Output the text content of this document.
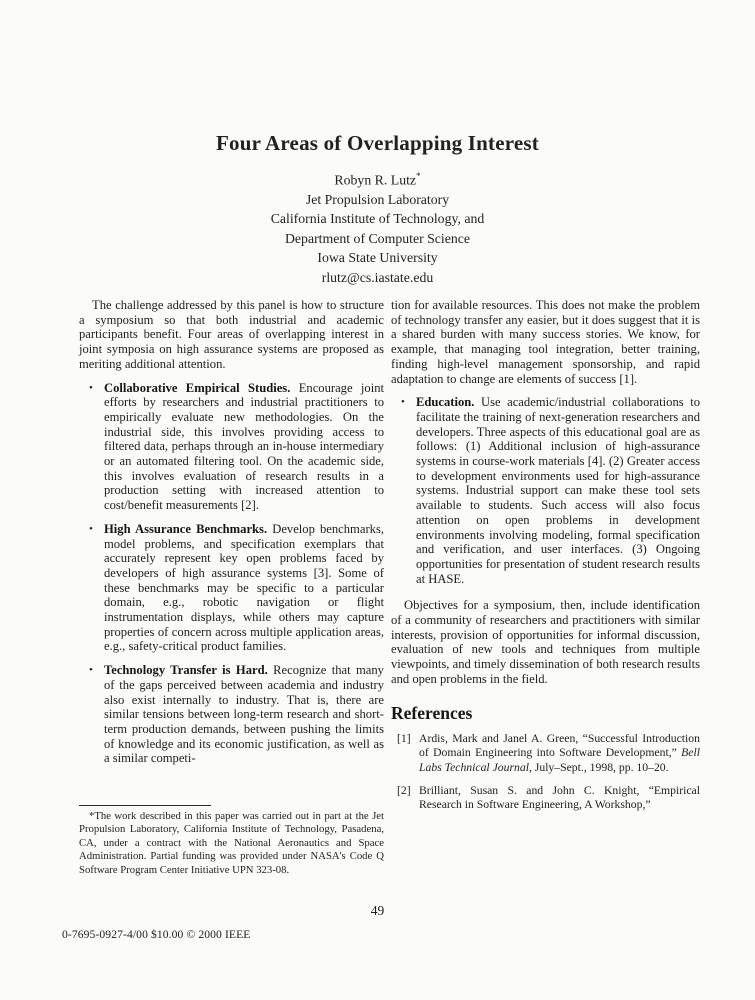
Four Areas of Overlapping Interest
Robyn R. Lutz*
Jet Propulsion Laboratory
California Institute of Technology, and
Department of Computer Science
Iowa State University
rlutz@cs.iastate.edu

The challenge addressed by this panel is how to structure a symposium so that both industrial and academic participants benefit. Four areas of overlapping interest in joint symposia on high assurance systems are proposed as meriting additional attention.

• Collaborative Empirical Studies. Encourage joint efforts by researchers and industrial practitioners to empirically evaluate new methodologies. On the industrial side, this involves providing access to filtered data, perhaps through an in-house intermediary or an automated filtering tool. On the academic side, this involves evaluation of research results in a production setting with increased attention to cost/benefit measurements [2].
• High Assurance Benchmarks. Develop benchmarks, model problems, and specification exemplars that accurately represent key open problems faced by developers of high assurance systems [3]. Some of these benchmarks may be specific to a particular domain, e.g., robotic navigation or flight instrumentation displays, while others may capture properties of concern across multiple application areas, e.g., safety-critical product families.
• Technology Transfer is Hard. Recognize that many of the gaps perceived between academia and industry also exist internally to industry. That is, there are similar tensions between long-term research and short-term production demands, between pushing the limits of knowledge and its economic justification, as well as a similar competi-

*The work described in this paper was carried out in part at the Jet Propulsion Laboratory, California Institute of Technology, Pasadena, CA, under a contract with the National Aeronautics and Space Administration. Partial funding was provided under NASA's Code Q Software Program Center Initiative UPN 323-08.

tion for available resources. This does not make the problem of technology transfer any easier, but it does suggest that it is a shared burden with many success stories. We know, for example, that managing tool integration, better training, finding high-level management sponsorship, and rapid adaptation to change are elements of success [1].

• Education. Use academic/industrial collaborations to facilitate the training of next-generation researchers and developers. Three aspects of this educational goal are as follows: (1) Additional inclusion of high-assurance systems in course-work materials [4]. (2) Greater access to development environments used for high-assurance systems. Industrial support can make these tool sets available to students. Such access will also focus attention on open problems in development environments involving modeling, formal specification and verification, and user interfaces. (3) Ongoing opportunities for presentation of student research results at HASE.

Objectives for a symposium, then, include identification of a community of researchers and practitioners with similar interests, provision of opportunities for informal discussion, evaluation of new tools and techniques from multiple viewpoints, and timely dissemination of both research results and open problems in the field.

References
[1] Ardis, Mark and Janel A. Green, “Successful Introduction of Domain Engineering into Software Development,” Bell Labs Technical Journal, July–Sept., 1998, pp. 10–20.
[2] Brilliant, Susan S. and John C. Knight, “Empirical Research in Software Engineering, A Workshop,”
49
0-7695-0927-4/00 $10.00 © 2000 IEEE
